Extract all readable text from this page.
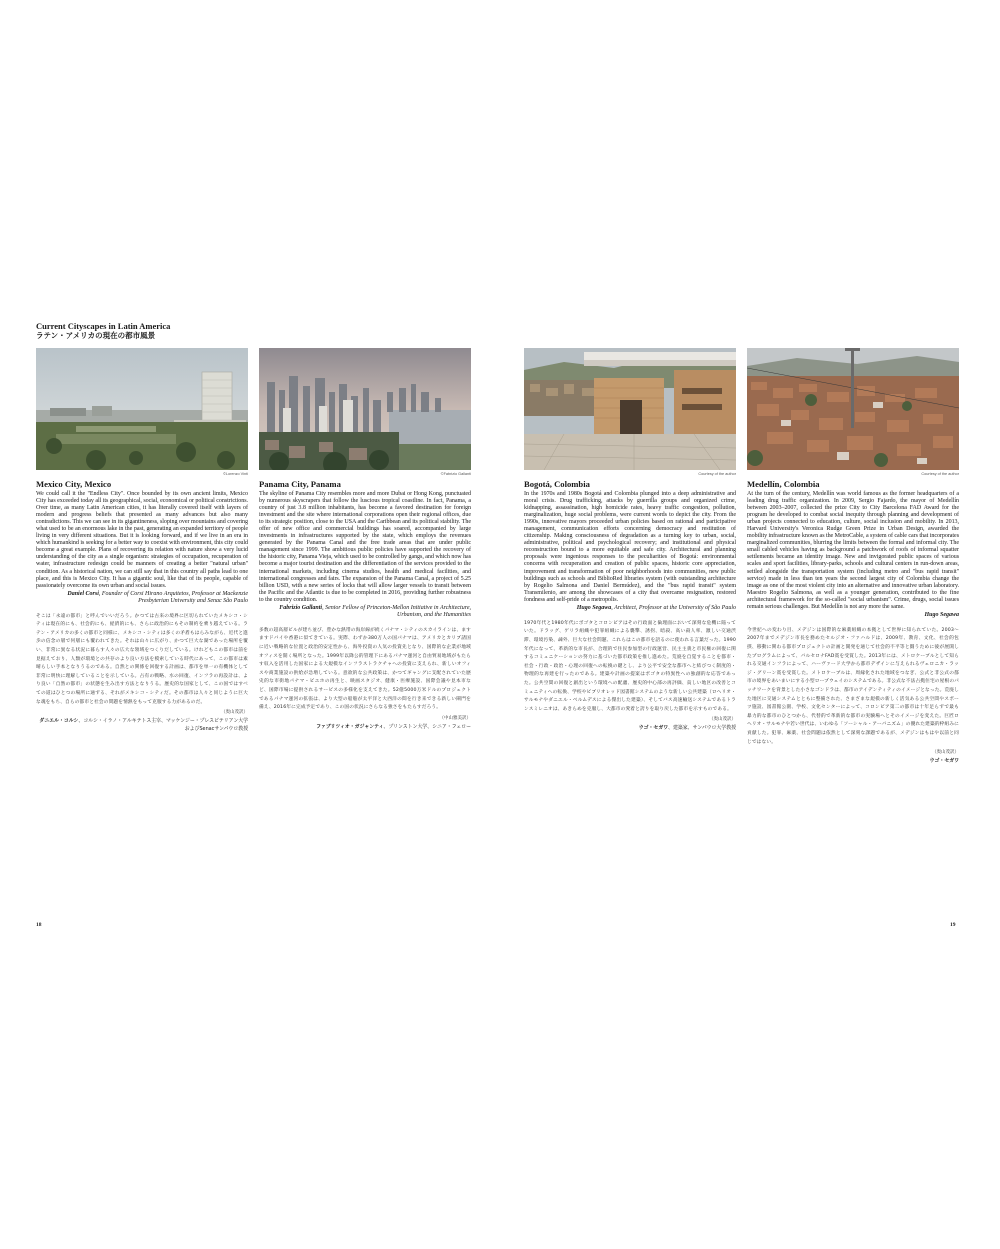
Current Cityscapes in Latin America
ラテン・アメリカの現在の都市風景
©Lorenzo Vinti
Mexico City, Mexico
We could call it the "Endless City". Once bounded by its own ancient limits, Mexico City has exceeded today all its geographical, social, economical or political constrictions. Over time, as many Latin American cities, it has literally covered itself with layers of modern and progress beliefs that presented as many advances but also many contradictions. This we can see in its gigantineness, sloping over mountains and covering what used to be an enormous lake in the past, generating an expanded territory of people living in very different situations. But it is looking forward, and if we live in an era in which humankind is seeking for a better way to coexist with environment, this city could become a great example. Plans of recovering its relation with nature show a very lucid understanding of the city as a single organism: strategies of occupation, recuperation of water, infrastructure redesign could be manners of creating a better "natural urban" condition. As a historical nation, we can still say that in this country all paths lead to one place, and this is Mexico City. It has a gigantic soul, like that of its people, capable of passionately overcome its own urban and social issues.
Daniel Corsi, Founder of Corsi Hirano Arquitetos, Professor at Mackenzie Presbyterian University and Senac São Paulo
そこは「永遠の都市」と呼んでいいだろう。かつては古来の境界に区切られていたメキシコ・シティは現在的にも、社会的にも、経済的にも、さらに政治的にもその制約を乗り越えている。ラテン・アメリカの多くの都市と同様に、メキシコ・シティは多くの矛盾もはらみながら、近代と進歩の信念の層で何層にも覆われてきた。それは山々に広がり、かつて巨大な湖であった場所を覆い、非常に異なる状況に暮らす人々の広大な領域をつくりだしている。けれどもこの都市は前を見据えており、人類が環境との共存のより良い方法を模索している時代にあって、この都市は素晴らしい手本となりうるのである。自然との関係を回復する計画は、都市を単一の有機体として非常に明快に理解していることを示している。占有の戦略、水の回復、インフラの再設計は、より良い「自然の都市」の状態を生み出す方法となりうる。歴史的な国家として、この国ではすべての道はひとつの場所に通ずる、それがメキシコ・シティだ。その都市は人々と同じように巨大な魂をもち、自らの都市と社会の問題を情熱をもって克服する力があるのだ。
（奥山茂訳）
ダニエル・コルシ、コルシ・イラノ・アルキテトス主宰、マッケンジー・プレスビテリアン大学およびSenacサンパウロ教授
©Fabrizio Gallanti
Panama City, Panama
The skyline of Panama City resembles more and more Dubai or Hong Kong, punctuated by numerous skyscrapers that follow the luscious tropical coastline. In fact, Panama, a country of just 3.8 million inhabitants, has become a favored destination for foreign investment and the site where international corporations open their regional offices, due to its strategic position, close to the USA and the Caribbean and its political stability. The offer of new office and commercial buildings has soared, accompanied by large investments in infrastructures supported by the state, which employs the revenues generated by the Panama Canal and the free trade areas that are under public management since 1999. The ambitious public policies have supported the recovery of the historic city, Panama Vieja, which used to be controlled by gangs, and which now has become a major tourist destination and the differentiation of the services provided to the international markets, including cinema studios, health and medical facilities, and international congresses and fairs. The expansion of the Panama Canal, a project of 5.25 billion USD, with a new series of locks that will allow larger vessels to transit between the Pacific and the Atlantic is due to be completed in 2016, providing further robustness to the country condition.
Fabrizio Gallanti, Senior Fellow of Princeton-Mellon Initiative in Architecture, Urbanism, and the Humanities
多数の超高層ビルが建ち並び、豊かな熱帯の海岸線が続くパナマ・シティのスカイラインは、ますますドバイや香港に似てきている。実際、わずか380万人の国パナマは、アメリカとカリブ諸国に近い戦略的な位置と政治的安定性から、海外投資の人気の投資先となり、国際的な企業が地域オフィスを開く場所となった。1999年以降公的管理下にあるパナマ運河と自由貿易地域がもたらす収入を活用した国家による大規模なインフラストラクチャへの投資に支えられ、新しいオフィスや商業施設の供給が急増している。意欲的な公共政策は、かつてギャングに支配されていた歴史的な市街地パナマ・ビエホの再生と、映画スタジオ、健康・医療施設、国際会議や見本市など、国際市場に提供されるサービスの多様化を支えてきた。52億5000万米ドルのプロジェクトであるパナマ運河の拡張は、より大型の船舶が太平洋と大西洋の間を行き来できる新しい閘門を備え、2016年に完成予定であり、この国の状況にさらなる強さをもたらすだろう。
（中山雅美訳）
ファブリツィオ・ガジャンティ、プリンストン大学、シニア・フェロー
Courtesy of the author
Bogotá, Colombia
In the 1970s and 1980s Bogotá and Colombia plunged into a deep administrative and moral crisis. Drug trafficking, attacks by guerrilla groups and organized crime, kidnapping, assassination, high homicide rates, heavy traffic congestion, pollution, marginalization, huge social problems, were current words to depict the city. From the 1990s, innovative mayors proceeded urban policies based on rational and participative management, communication efforts concerning democracy and restitution of citizenship. Making consciousness of degradation as a turning key to urban, social, administrative, political and psychological recovery; and institutional and physical reconstruction bound to a more equitable and safe city. Architectural and planning proposals were ingenious responses to the peculiarities of Bogotá: environmental concerns with recuperation and creation of public spaces, historic core appreciation, improvement and transformation of poor neighborhoods into communities, new public buildings such as schools and BiblioRed libraries system (with outstanding architecture by Rogelio Salmona and Daniel Bermúdez), and the "bus rapid transit" system Transmilenio, are among the showcases of a city that overcame resignation, restored fondness and self-pride of a metropolis.
Hugo Segawa, Architect, Professor at the University of São Paulo
1970年代と1980年代にボゴタとコロンビアはその行政面と倫理面において深刻な危機に陥っていた。ドラッグ、ゲリラ組織や犯罪組織による襲撃、誘拐、暗殺、高い殺人率、激しい交通渋滞、環境汚染、疎外、巨大な社会問題、これらはこの都市を語るのに使われる言葉だった。1990年代になって、革新的な市長が、合理的で住民参加型の行政運営、民主主義と市民権の回復に関するコミュニケーションの努力に基づいた都市政策を推し進めた。荒廃を自覚することを都市・社会・行政・政治・心理の回復への転換の鍵とし、より公平で安全な都市へと結びつく制度的・物理的な再建を行ったのである。建築や計画の提案はボゴタの特異性への独創的な応答であった。公共空間の回復と創出という環境への配慮、歴史的中心部の再評価、貧しい地区の改善とコミュニティへの転換、学校やビブリオレッド図書館システムのような新しい公共建築（ロヘリオ・サルモナやダニエル・ベルムデスによる傑出した建築）、そしてバス高速輸送システムであるトランスミレニオは、あきらめを克服し、大都市の愛着と誇りを取り戻した都市を示すものである。
（奥山茂訳）
ウゴ・セガワ、建築家、サンパウロ大学教授
Courtesy of the author
Medellín, Colombia
At the turn of the century, Medellín was world famous as the former headquarters of a leading drug traffic organization. In 2009, Sergio Fajardo, the mayor of Medellín between 2003–2007, collected the prize City to City Barcelona FAD Award for the program he developed to combat social inequity through planning and development of urban projects connected to education, culture, social inclusion and mobility. In 2013, Harvard University's Veronica Rudge Green Prize in Urban Design, awarded the mobility infrastructure known as the MetroCable, a system of cable cars that incorporates marginalized communities, blurring the limits between the formal and informal city. The small cabled vehicles having as background a patchwork of roofs of informal squatter settlements became an identity image. New and invigorated public spaces of various scales and sport facilities, library-parks, schools and cultural centers in run-down areas, settled alongside the transportation system (including metro and "bus rapid transit" service) made in less than ten years the second largest city of Colombia change the image as one of the most violent city into an alternative and innovative urban laboratory. Maestro Rogelio Salmona, as well as a younger generation, contributed to the fine architectural framework for the so-called "social urbanism". Crime, drugs, social issues remain serious challenges. But Medellín is not any more the same.
Hugo Segawa
今世紀への変わり目、メデジンは国際的な麻薬組織の本拠として世界に知られていた。2003〜2007年までメデジン市長を務めたセルジオ・ファハルドは、2009年、教育、文化、社会的包摂、移動に関わる都市プロジェクトの計画と開発を通じて社会的不平等と闘うために彼が展開したプログラムによって、バルセロナFAD賞を受賞した。2013年には、メトロケーブルとして知られる交通インフラによって、ハーヴァード大学から都市デザインに与えられるヴェロニカ・ラッジ・グリーン賞を受賞した。メトロケーブルは、周縁化された地域をつなぎ、公式と非公式の都市の境界をあいまいにする小型ロープウェイのシステムである。非公式な不法占拠住宅の屋根のパッチワークを背景とした小さなゴンドラは、都市のアイデンティティのイメージとなった。荒廃した地区に交通システムとともに整備された、さまざまな規模の新しく活気ある公共空間やスポーツ施設、図書館公園、学校、文化センターによって、コロンビア第二の都市は十年足らずで最も暴力的な都市のひとつから、代替的で革新的な都市の実験場へとそのイメージを変えた。巨匠ロヘリオ・サルモナや若い世代は、いわゆる「ソーシャル・アーバニズム」の優れた建築的枠組みに貢献した。犯罪、麻薬、社会問題は依然として深刻な課題であるが、メデジンはもはや以前と同じではない。
（奥山茂訳）
ウゴ・セガワ
18	19
